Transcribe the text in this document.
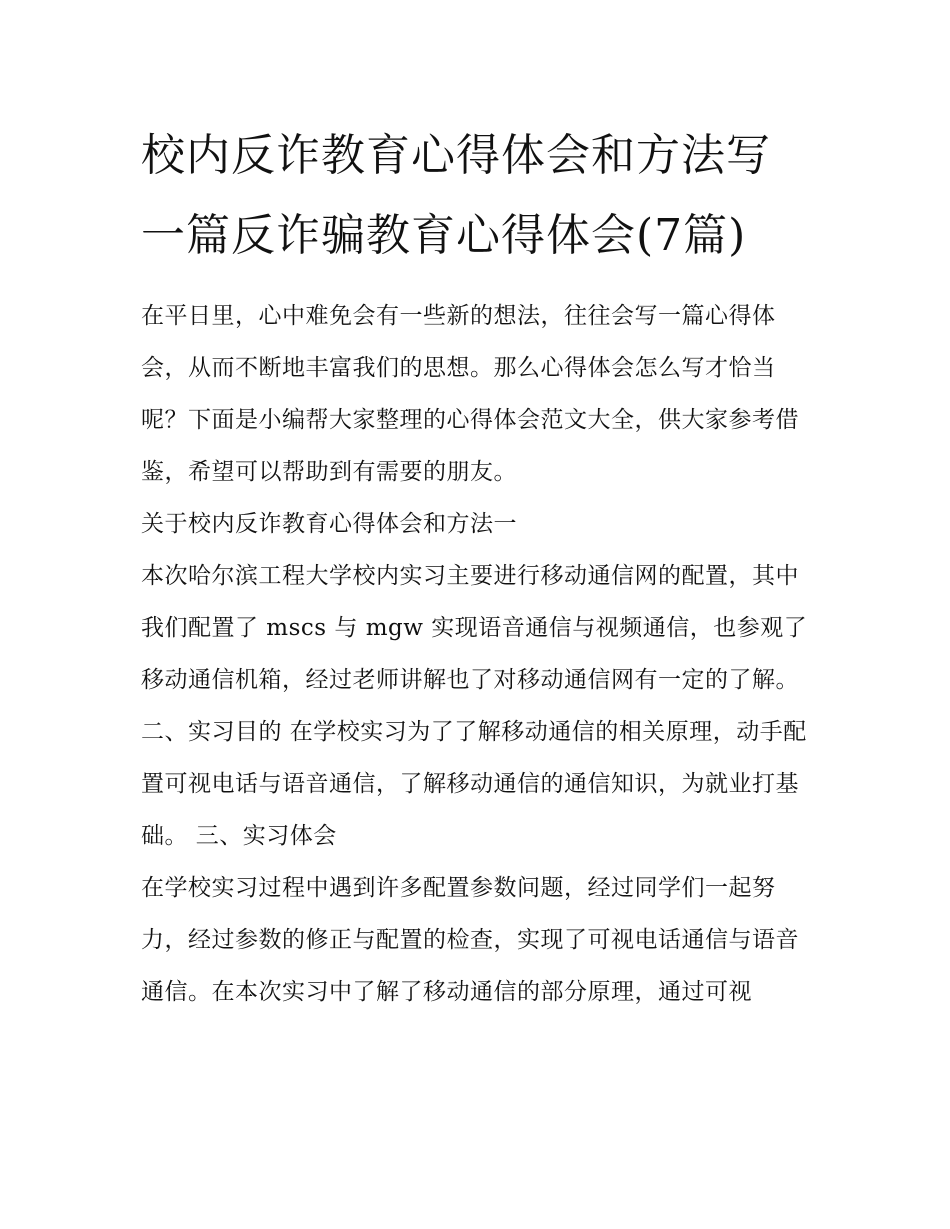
校内反诈教育心得体会和方法写一篇反诈骗教育心得体会(7篇)

在平日里，心中难免会有一些新的想法，往往会写一篇心得体会，从而不断地丰富我们的思想。那么心得体会怎么写才恰当呢？下面是小编帮大家整理的心得体会范文大全，供大家参考借鉴，希望可以帮助到有需要的朋友。

关于校内反诈教育心得体会和方法一

本次哈尔滨工程大学校内实习主要进行移动通信网的配置，其中我们配置了 mscs 与 mgw 实现语音通信与视频通信，也参观了移动通信机箱，经过老师讲解也了对移动通信网有一定的了解。

二、实习目的 在学校实习为了了解移动通信的相关原理，动手配置可视电话与语音通信，了解移动通信的通信知识，为就业打基础。 三、实习体会

在学校实习过程中遇到许多配置参数问题，经过同学们一起努力，经过参数的修正与配置的检查，实现了可视电话通信与语音通信。在本次实习中了解了移动通信的部分原理，通过可视
